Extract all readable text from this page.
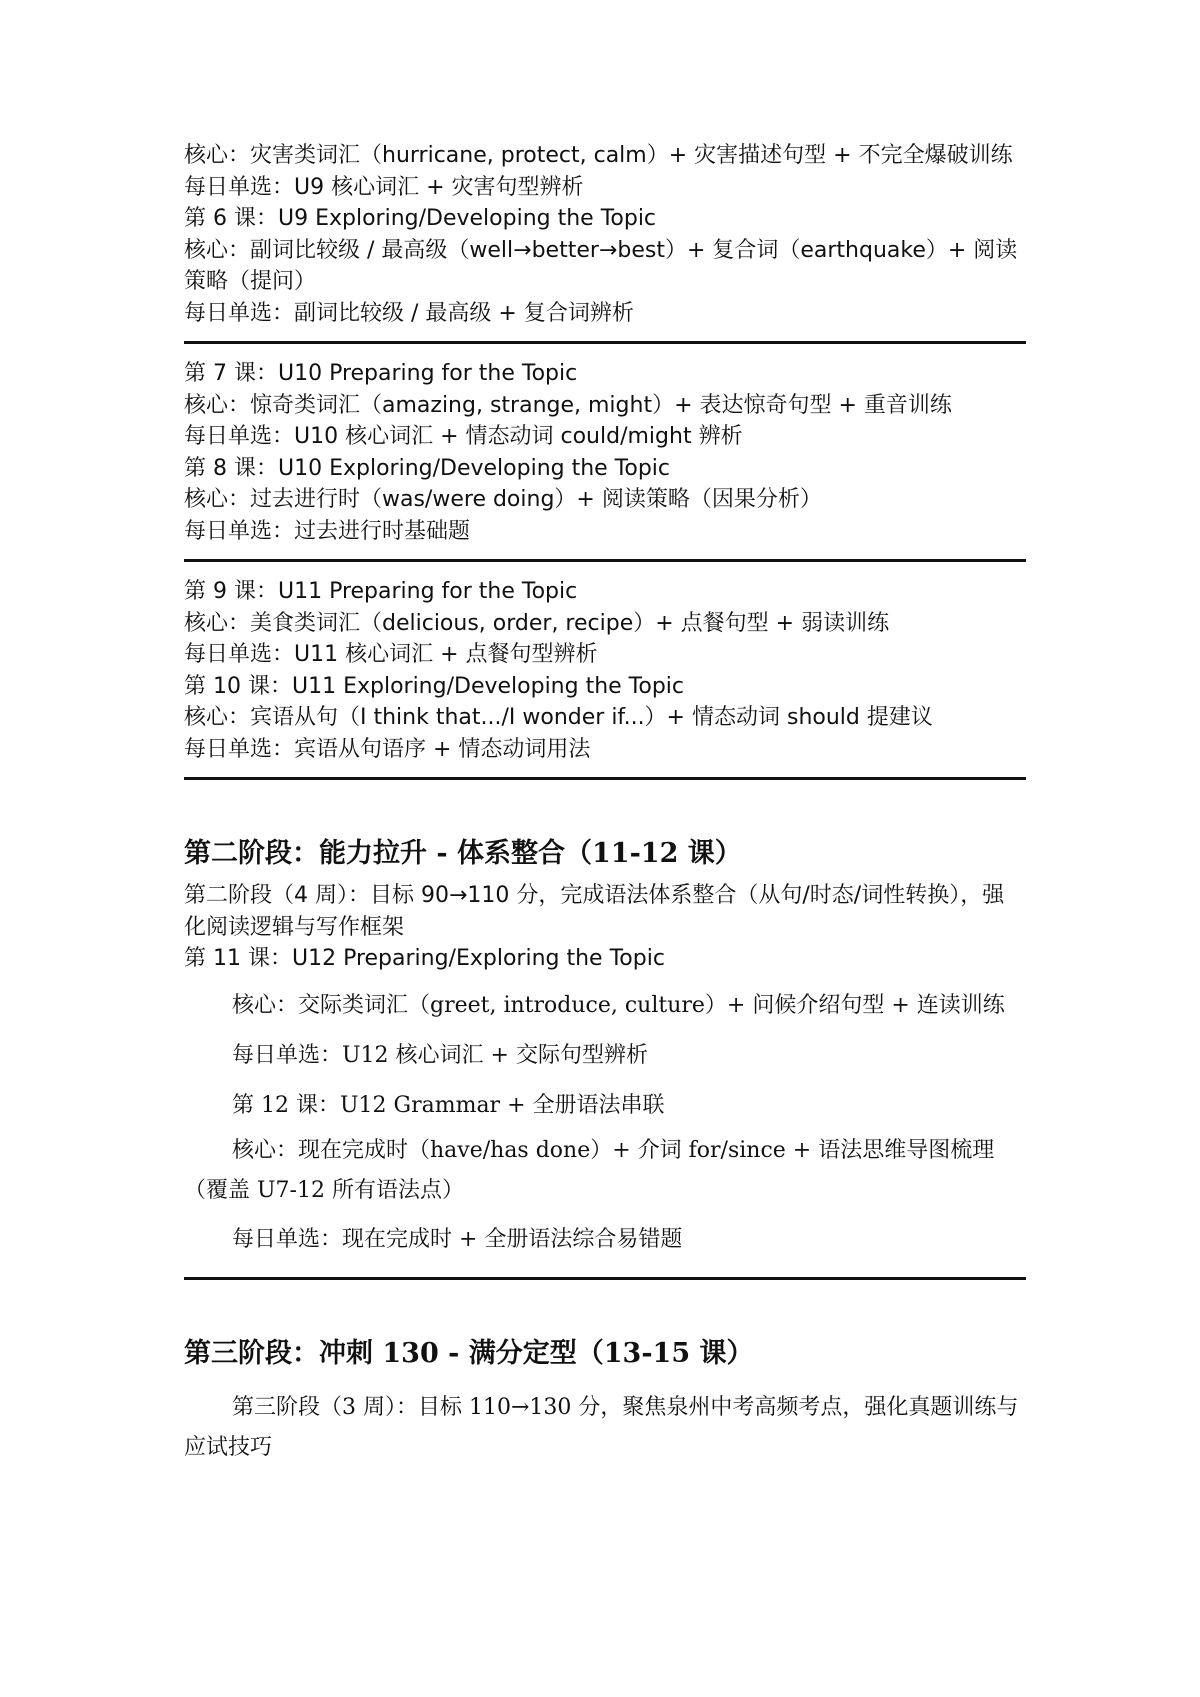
核心：灾害类词汇（hurricane, protect, calm）+ 灾害描述句型 + 不完全爆破训练
每日单选：U9 核心词汇 + 灾害句型辨析
第 6 课：U9 Exploring/Developing the Topic
核心：副词比较级 / 最高级（well→better→best）+ 复合词（earthquake）+ 阅读策略（提问）
每日单选：副词比较级 / 最高级 + 复合词辨析
第 7 课：U10 Preparing for the Topic
核心：惊奇类词汇（amazing, strange, might）+ 表达惊奇句型 + 重音训练
每日单选：U10 核心词汇 + 情态动词 could/might 辨析
第 8 课：U10 Exploring/Developing the Topic
核心：过去进行时（was/were doing）+ 阅读策略（因果分析）
每日单选：过去进行时基础题
第 9 课：U11 Preparing for the Topic
核心：美食类词汇（delicious, order, recipe）+ 点餐句型 + 弱读训练
每日单选：U11 核心词汇 + 点餐句型辨析
第 10 课：U11 Exploring/Developing the Topic
核心：宾语从句（I think that.../I wonder if...）+ 情态动词 should 提建议
每日单选：宾语从句语序 + 情态动词用法
第二阶段：能力拉升 - 体系整合（11-12 课）
第二阶段（4 周）：目标 90→110 分，完成语法体系整合（从句/时态/词性转换），强化阅读逻辑与写作框架
第 11 课：U12 Preparing/Exploring the Topic
核心：交际类词汇（greet, introduce, culture）+ 问候介绍句型 + 连读训练
每日单选：U12 核心词汇 + 交际句型辨析
第 12 课：U12 Grammar + 全册语法串联
核心：现在完成时（have/has done）+ 介词 for/since + 语法思维导图梳理（覆盖 U7-12 所有语法点）
每日单选：现在完成时 + 全册语法综合易错题
第三阶段：冲刺 130 - 满分定型（13-15 课）
第三阶段（3 周）：目标 110→130 分，聚焦泉州中考高频考点，强化真题训练与应试技巧
